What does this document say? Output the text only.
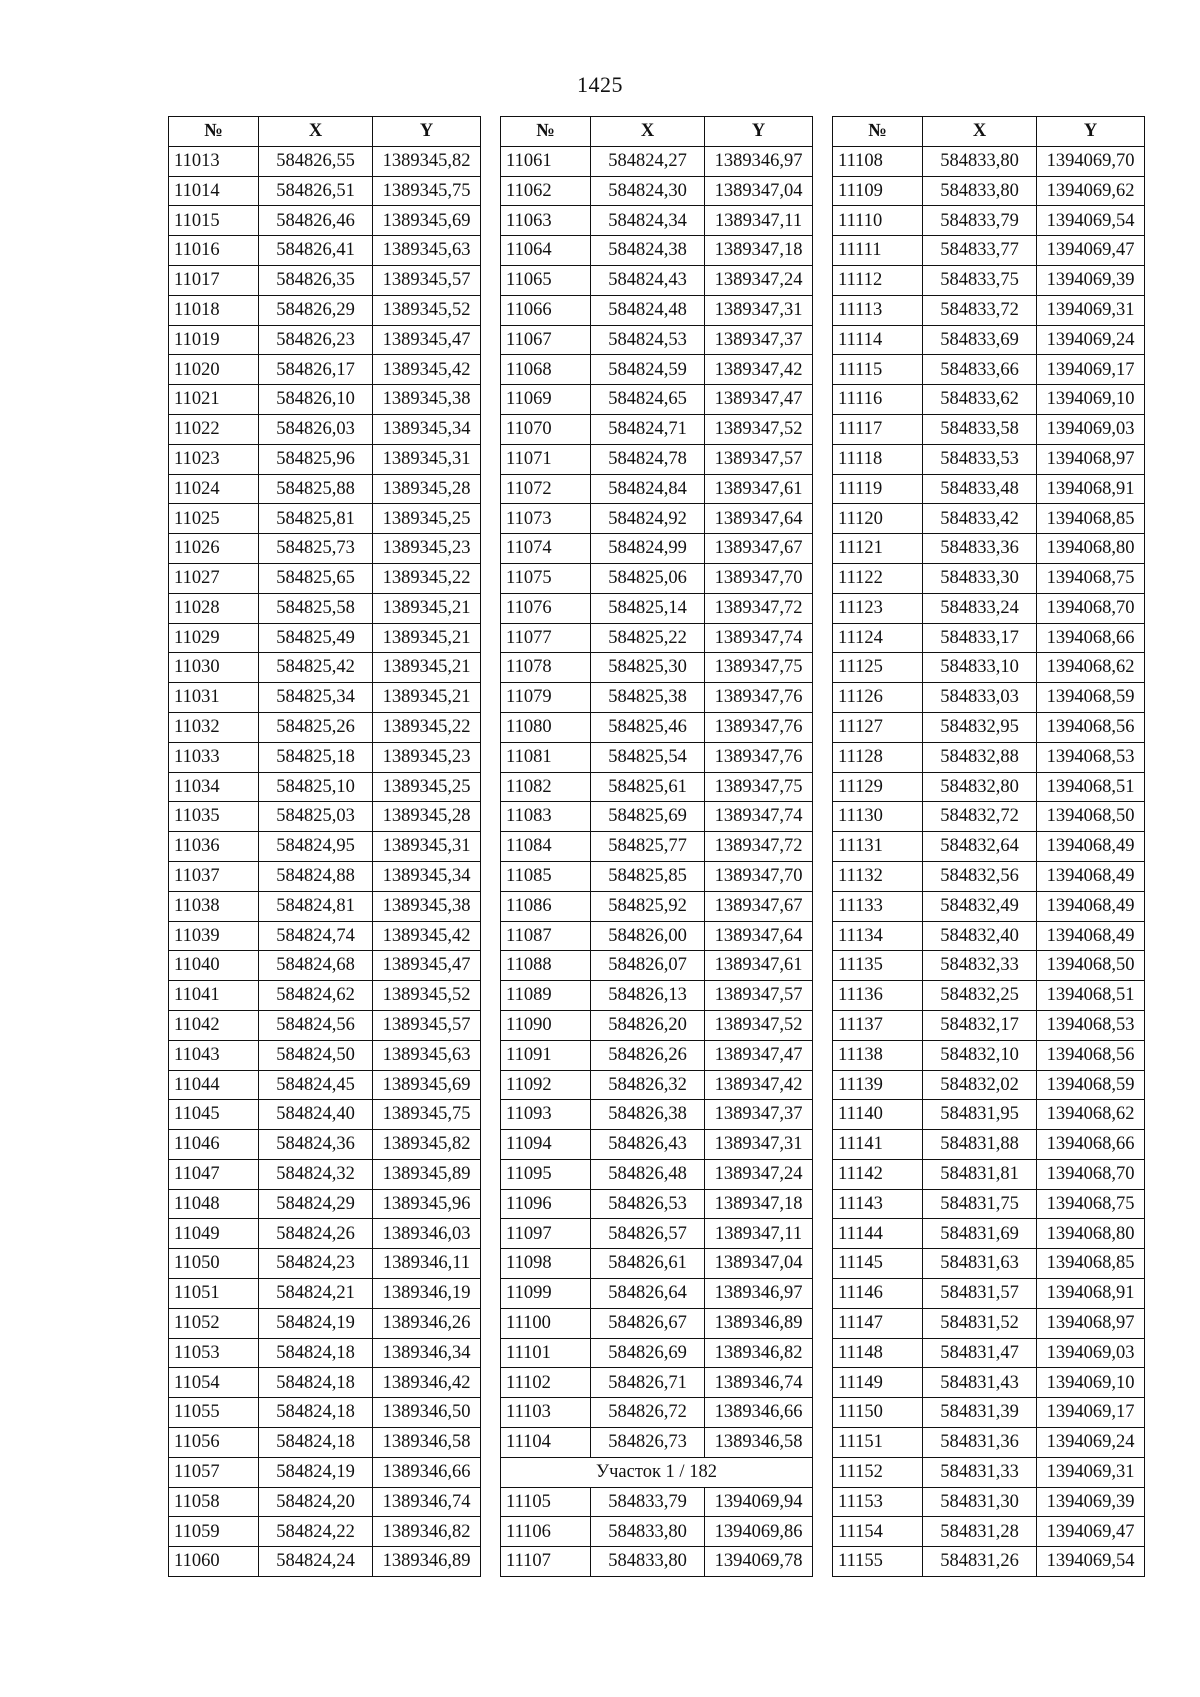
1425
№	X	Y
11013	584826,55	1389345,82
11014	584826,51	1389345,75
11015	584826,46	1389345,69
11016	584826,41	1389345,63
11017	584826,35	1389345,57
11018	584826,29	1389345,52
11019	584826,23	1389345,47
11020	584826,17	1389345,42
11021	584826,10	1389345,38
11022	584826,03	1389345,34
11023	584825,96	1389345,31
11024	584825,88	1389345,28
11025	584825,81	1389345,25
11026	584825,73	1389345,23
11027	584825,65	1389345,22
11028	584825,58	1389345,21
11029	584825,49	1389345,21
11030	584825,42	1389345,21
11031	584825,34	1389345,21
11032	584825,26	1389345,22
11033	584825,18	1389345,23
11034	584825,10	1389345,25
11035	584825,03	1389345,28
11036	584824,95	1389345,31
11037	584824,88	1389345,34
11038	584824,81	1389345,38
11039	584824,74	1389345,42
11040	584824,68	1389345,47
11041	584824,62	1389345,52
11042	584824,56	1389345,57
11043	584824,50	1389345,63
11044	584824,45	1389345,69
11045	584824,40	1389345,75
11046	584824,36	1389345,82
11047	584824,32	1389345,89
11048	584824,29	1389345,96
11049	584824,26	1389346,03
11050	584824,23	1389346,11
11051	584824,21	1389346,19
11052	584824,19	1389346,26
11053	584824,18	1389346,34
11054	584824,18	1389346,42
11055	584824,18	1389346,50
11056	584824,18	1389346,58
11057	584824,19	1389346,66
11058	584824,20	1389346,74
11059	584824,22	1389346,82
11060	584824,24	1389346,89
№	X	Y
11061	584824,27	1389346,97
11062	584824,30	1389347,04
11063	584824,34	1389347,11
11064	584824,38	1389347,18
11065	584824,43	1389347,24
11066	584824,48	1389347,31
11067	584824,53	1389347,37
11068	584824,59	1389347,42
11069	584824,65	1389347,47
11070	584824,71	1389347,52
11071	584824,78	1389347,57
11072	584824,84	1389347,61
11073	584824,92	1389347,64
11074	584824,99	1389347,67
11075	584825,06	1389347,70
11076	584825,14	1389347,72
11077	584825,22	1389347,74
11078	584825,30	1389347,75
11079	584825,38	1389347,76
11080	584825,46	1389347,76
11081	584825,54	1389347,76
11082	584825,61	1389347,75
11083	584825,69	1389347,74
11084	584825,77	1389347,72
11085	584825,85	1389347,70
11086	584825,92	1389347,67
11087	584826,00	1389347,64
11088	584826,07	1389347,61
11089	584826,13	1389347,57
11090	584826,20	1389347,52
11091	584826,26	1389347,47
11092	584826,32	1389347,42
11093	584826,38	1389347,37
11094	584826,43	1389347,31
11095	584826,48	1389347,24
11096	584826,53	1389347,18
11097	584826,57	1389347,11
11098	584826,61	1389347,04
11099	584826,64	1389346,97
11100	584826,67	1389346,89
11101	584826,69	1389346,82
11102	584826,71	1389346,74
11103	584826,72	1389346,66
11104	584826,73	1389346,58
Участок 1 / 182		
11105	584833,79	1394069,94
11106	584833,80	1394069,86
11107	584833,80	1394069,78
№	X	Y
11108	584833,80	1394069,70
11109	584833,80	1394069,62
11110	584833,79	1394069,54
11111	584833,77	1394069,47
11112	584833,75	1394069,39
11113	584833,72	1394069,31
11114	584833,69	1394069,24
11115	584833,66	1394069,17
11116	584833,62	1394069,10
11117	584833,58	1394069,03
11118	584833,53	1394068,97
11119	584833,48	1394068,91
11120	584833,42	1394068,85
11121	584833,36	1394068,80
11122	584833,30	1394068,75
11123	584833,24	1394068,70
11124	584833,17	1394068,66
11125	584833,10	1394068,62
11126	584833,03	1394068,59
11127	584832,95	1394068,56
11128	584832,88	1394068,53
11129	584832,80	1394068,51
11130	584832,72	1394068,50
11131	584832,64	1394068,49
11132	584832,56	1394068,49
11133	584832,49	1394068,49
11134	584832,40	1394068,49
11135	584832,33	1394068,50
11136	584832,25	1394068,51
11137	584832,17	1394068,53
11138	584832,10	1394068,56
11139	584832,02	1394068,59
11140	584831,95	1394068,62
11141	584831,88	1394068,66
11142	584831,81	1394068,70
11143	584831,75	1394068,75
11144	584831,69	1394068,80
11145	584831,63	1394068,85
11146	584831,57	1394068,91
11147	584831,52	1394068,97
11148	584831,47	1394069,03
11149	584831,43	1394069,10
11150	584831,39	1394069,17
11151	584831,36	1394069,24
11152	584831,33	1394069,31
11153	584831,30	1394069,39
11154	584831,28	1394069,47
11155	584831,26	1394069,54
